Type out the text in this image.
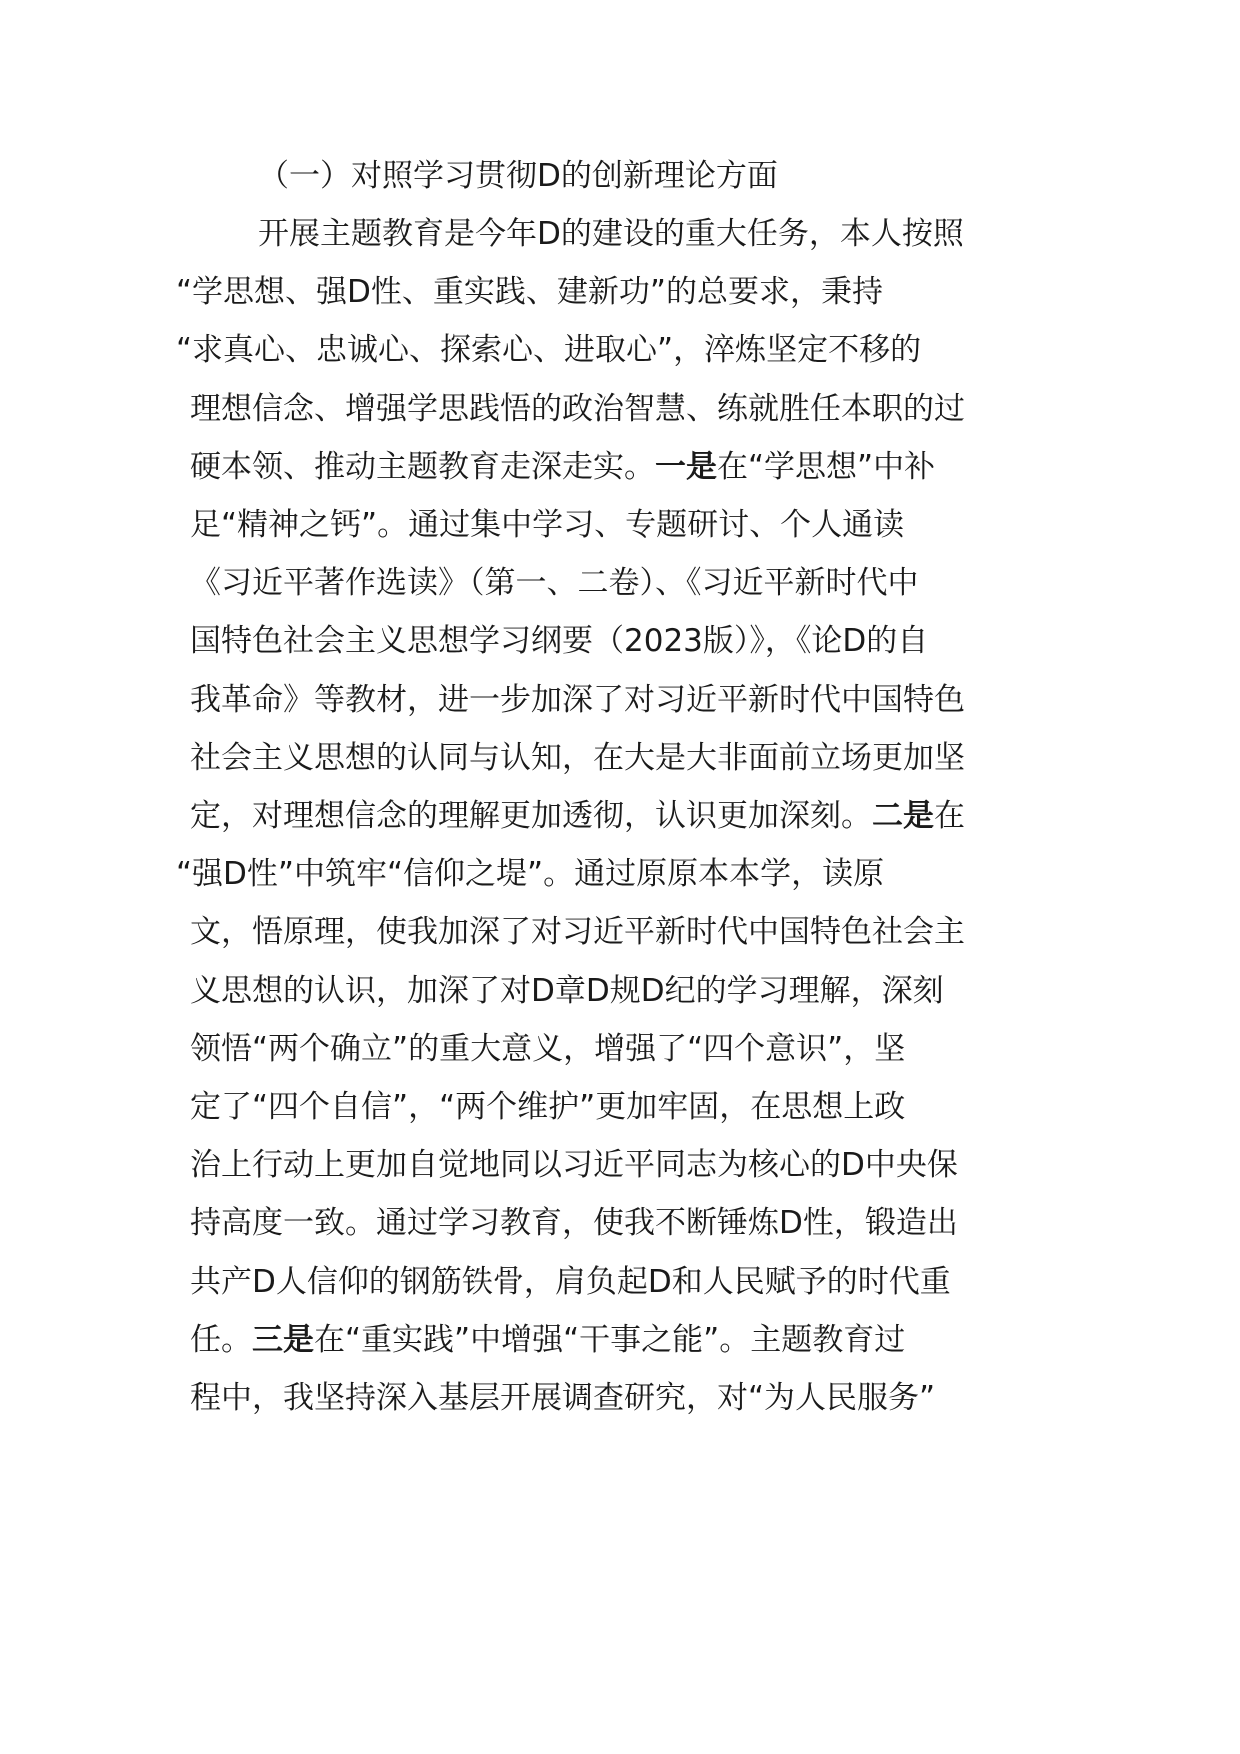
（一）对照学习贯彻D的创新理论方面
开展主题教育是今年D的建设的重大任务，本人按照
“学思想、强D性、重实践、建新功”的总要求，秉持
“求真心、忠诚心、探索心、进取心”，淬炼坚定不移的
理想信念、增强学思践悟的政治智慧、练就胜任本职的过
硬本领、推动主题教育走深走实。一是在“学思想”中补
足“精神之钙”。通过集中学习、专题研讨、个人通读
《习近平著作选读》（第一、二卷）、《习近平新时代中
国特色社会主义思想学习纲要（2023版）》，《论D的自
我革命》等教材，进一步加深了对习近平新时代中国特色
社会主义思想的认同与认知，在大是大非面前立场更加坚
定，对理想信念的理解更加透彻，认识更加深刻。二是在
“强D性”中筑牢“信仰之堤”。通过原原本本学，读原
文，悟原理，使我加深了对习近平新时代中国特色社会主
义思想的认识，加深了对D章D规D纪的学习理解，深刻
领悟“两个确立”的重大意义，增强了“四个意识”，坚
定了“四个自信”，“两个维护”更加牢固，在思想上政
治上行动上更加自觉地同以习近平同志为核心的D中央保
持高度一致。通过学习教育，使我不断锤炼D性，锻造出
共产D人信仰的钢筋铁骨，肩负起D和人民赋予的时代重
任。三是在“重实践”中增强“干事之能”。主题教育过
程中，我坚持深入基层开展调查研究，对“为人民服务”
